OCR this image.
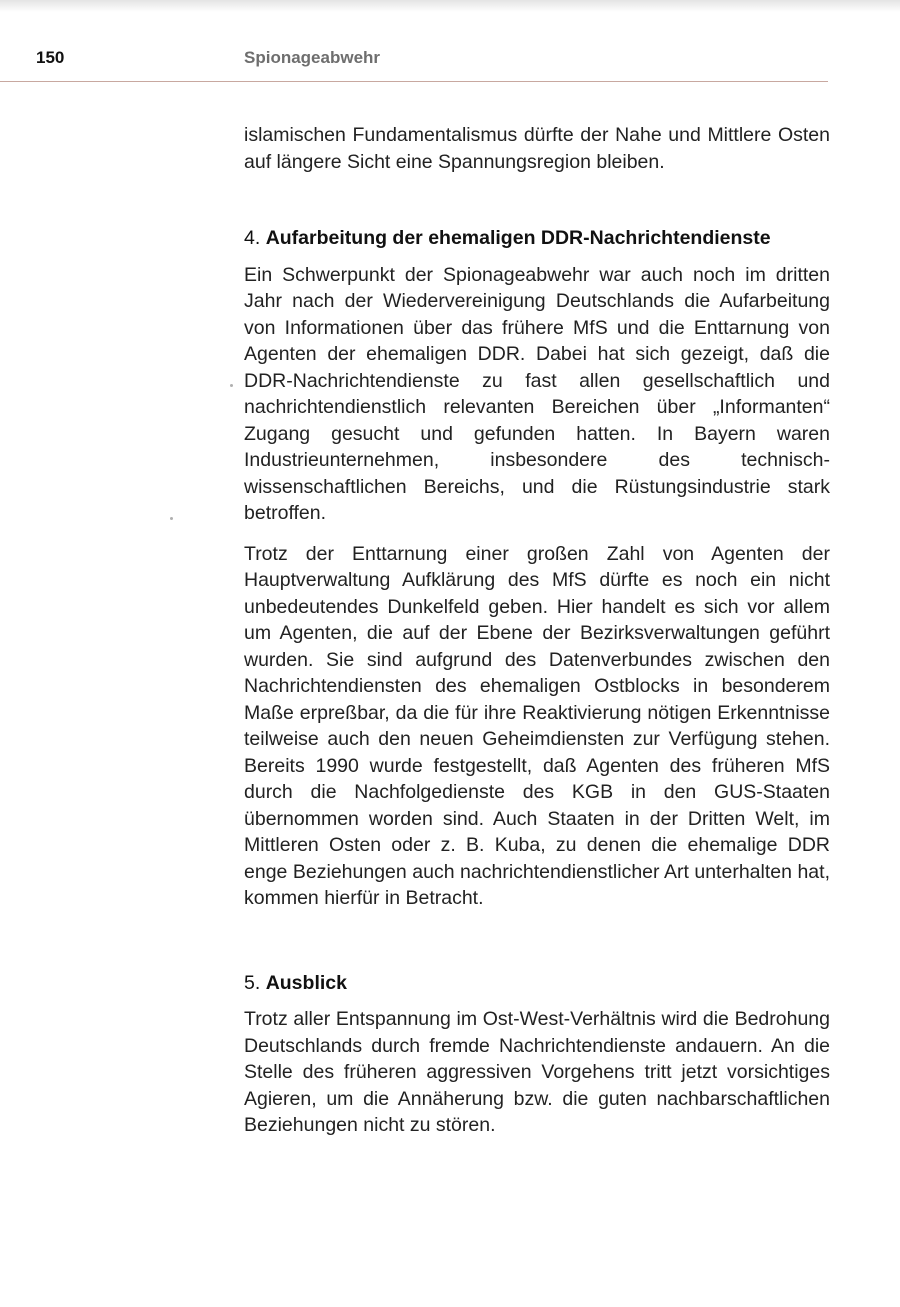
150	Spionageabwehr

islamischen Fundamentalismus dürfte der Nahe und Mittlere Osten auf längere Sicht eine Spannungsregion bleiben.

4. Aufarbeitung der ehemaligen DDR-Nachrichtendienste

Ein Schwerpunkt der Spionageabwehr war auch noch im dritten Jahr nach der Wiedervereinigung Deutschlands die Aufarbeitung von Informationen über das frühere MfS und die Enttarnung von Agenten der ehemaligen DDR. Dabei hat sich gezeigt, daß die DDR-Nachrichtendienste zu fast allen gesellschaftlich und nachrichtendienstlich relevanten Bereichen über „Informanten“ Zugang gesucht und gefunden hatten. In Bayern waren Industrieunternehmen, insbesondere des technisch-wissenschaftlichen Bereichs, und die Rüstungsindustrie stark betroffen.

Trotz der Enttarnung einer großen Zahl von Agenten der Hauptverwaltung Aufklärung des MfS dürfte es noch ein nicht unbedeutendes Dunkelfeld geben. Hier handelt es sich vor allem um Agenten, die auf der Ebene der Bezirksverwaltungen geführt wurden. Sie sind aufgrund des Datenverbundes zwischen den Nachrichtendiensten des ehemaligen Ostblocks in besonderem Maße erpreßbar, da die für ihre Reaktivierung nötigen Erkenntnisse teilweise auch den neuen Geheimdiensten zur Verfügung stehen. Bereits 1990 wurde festgestellt, daß Agenten des früheren MfS durch die Nachfolgedienste des KGB in den GUS-Staaten übernommen worden sind. Auch Staaten in der Dritten Welt, im Mittleren Osten oder z. B. Kuba, zu denen die ehemalige DDR enge Beziehungen auch nachrichtendienstlicher Art unterhalten hat, kommen hierfür in Betracht.

5. Ausblick

Trotz aller Entspannung im Ost-West-Verhältnis wird die Bedrohung Deutschlands durch fremde Nachrichtendienste andauern. An die Stelle des früheren aggressiven Vorgehens tritt jetzt vorsichtiges Agieren, um die Annäherung bzw. die guten nachbarschaftlichen Beziehungen nicht zu stören.
